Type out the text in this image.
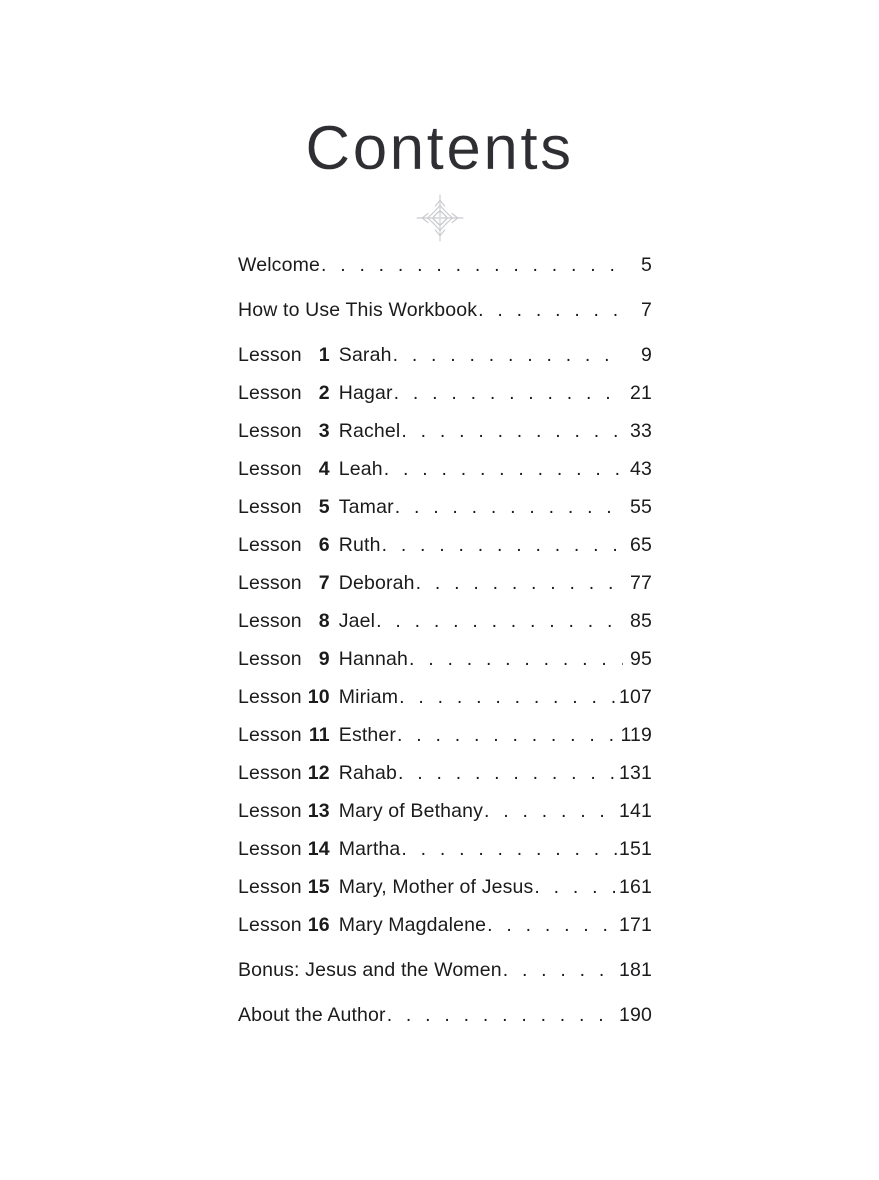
Contents
Welcome . . .	5
How to Use This Workbook . . .	7
Lesson 1 Sarah . . .	9
Lesson 2 Hagar . . .	21
Lesson 3 Rachel . . .	33
Lesson 4 Leah . . .	43
Lesson 5 Tamar . . .	55
Lesson 6 Ruth . . .	65
Lesson 7 Deborah . . .	77
Lesson 8 Jael . . .	85
Lesson 9 Hannah . . .	95
Lesson 10 Miriam . . .	107
Lesson 11 Esther . . .	119
Lesson 12 Rahab . . .	131
Lesson 13 Mary of Bethany . . .	141
Lesson 14 Martha . . .	151
Lesson 15 Mary, Mother of Jesus . . .	161
Lesson 16 Mary Magdalene . . .	171
Bonus: Jesus and the Women . . .	181
About the Author . . .	190
